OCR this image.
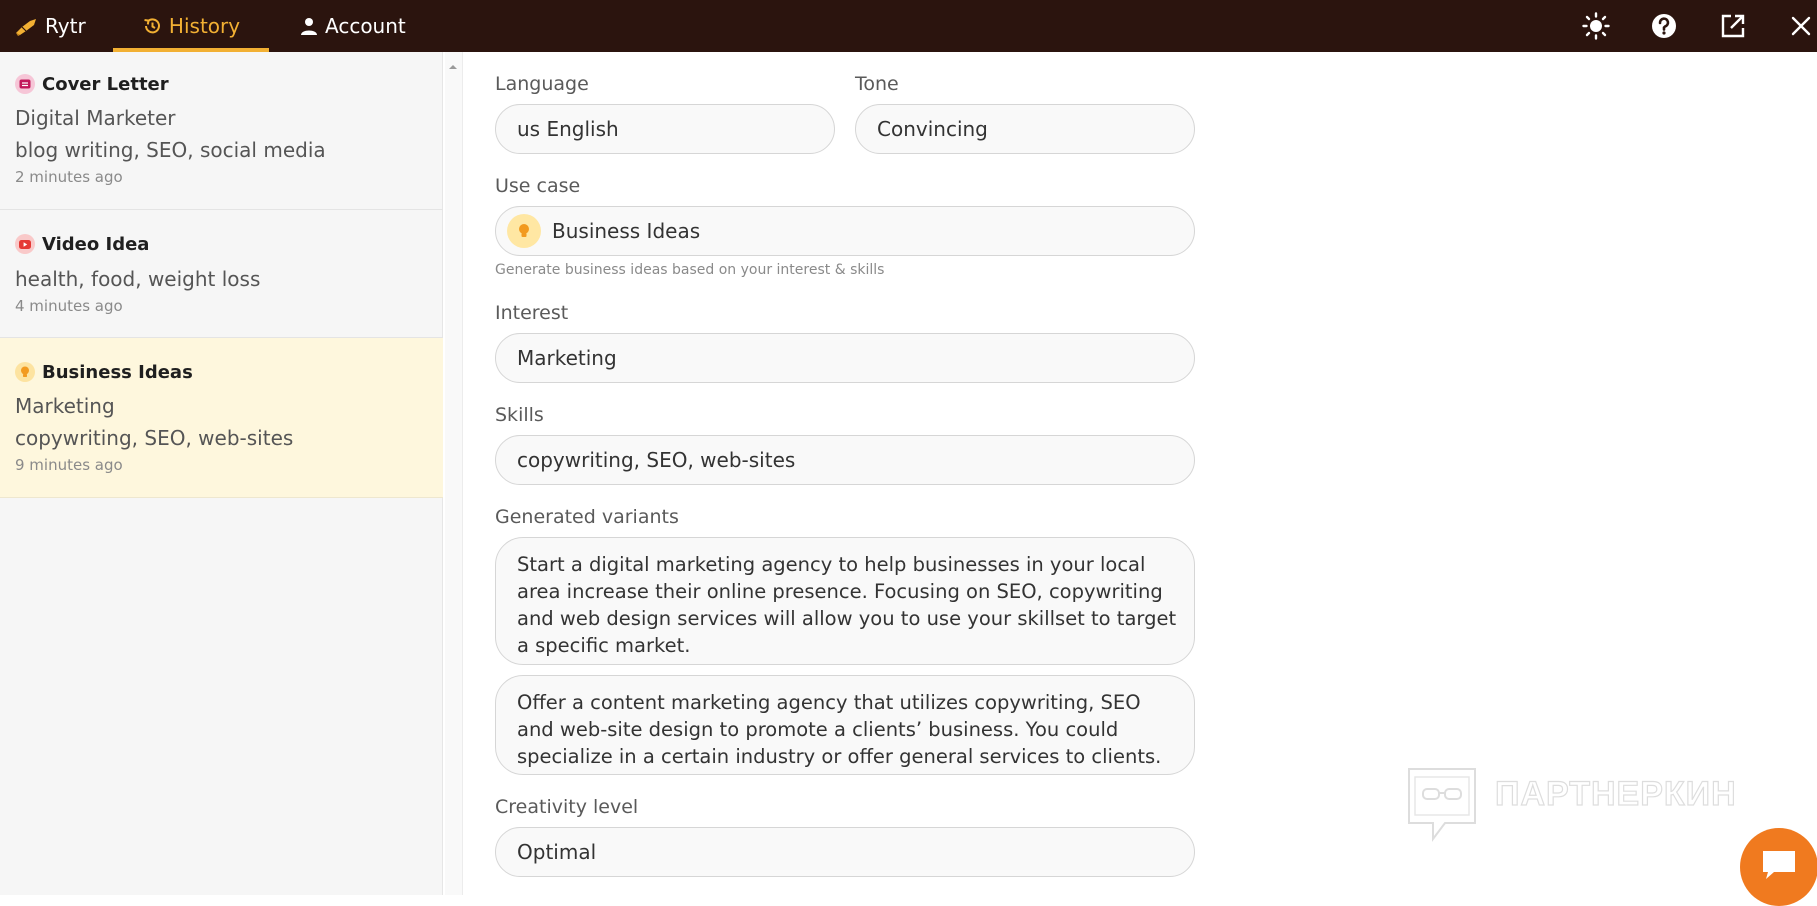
Rytr	History	Account
Cover Letter
Digital Marketer
blog writing, SEO, social media
2 minutes ago
Video Idea
health, food, weight loss
4 minutes ago
Business Ideas
Marketing
copywriting, SEO, web-sites
9 minutes ago
Language
us English
Tone
Convincing
Use case
Business Ideas
Generate business ideas based on your interest & skills
Interest
Marketing
Skills
copywriting, SEO, web-sites
Generated variants
Start a digital marketing agency to help businesses in your local area increase their online presence. Focusing on SEO, copywriting and web design services will allow you to use your skillset to target a specific market.
Offer a content marketing agency that utilizes copywriting, SEO and web-site design to promote a clients’ business. You could specialize in a certain industry or offer general services to clients.
Creativity level
Optimal
ПАРТНЕРКИН
